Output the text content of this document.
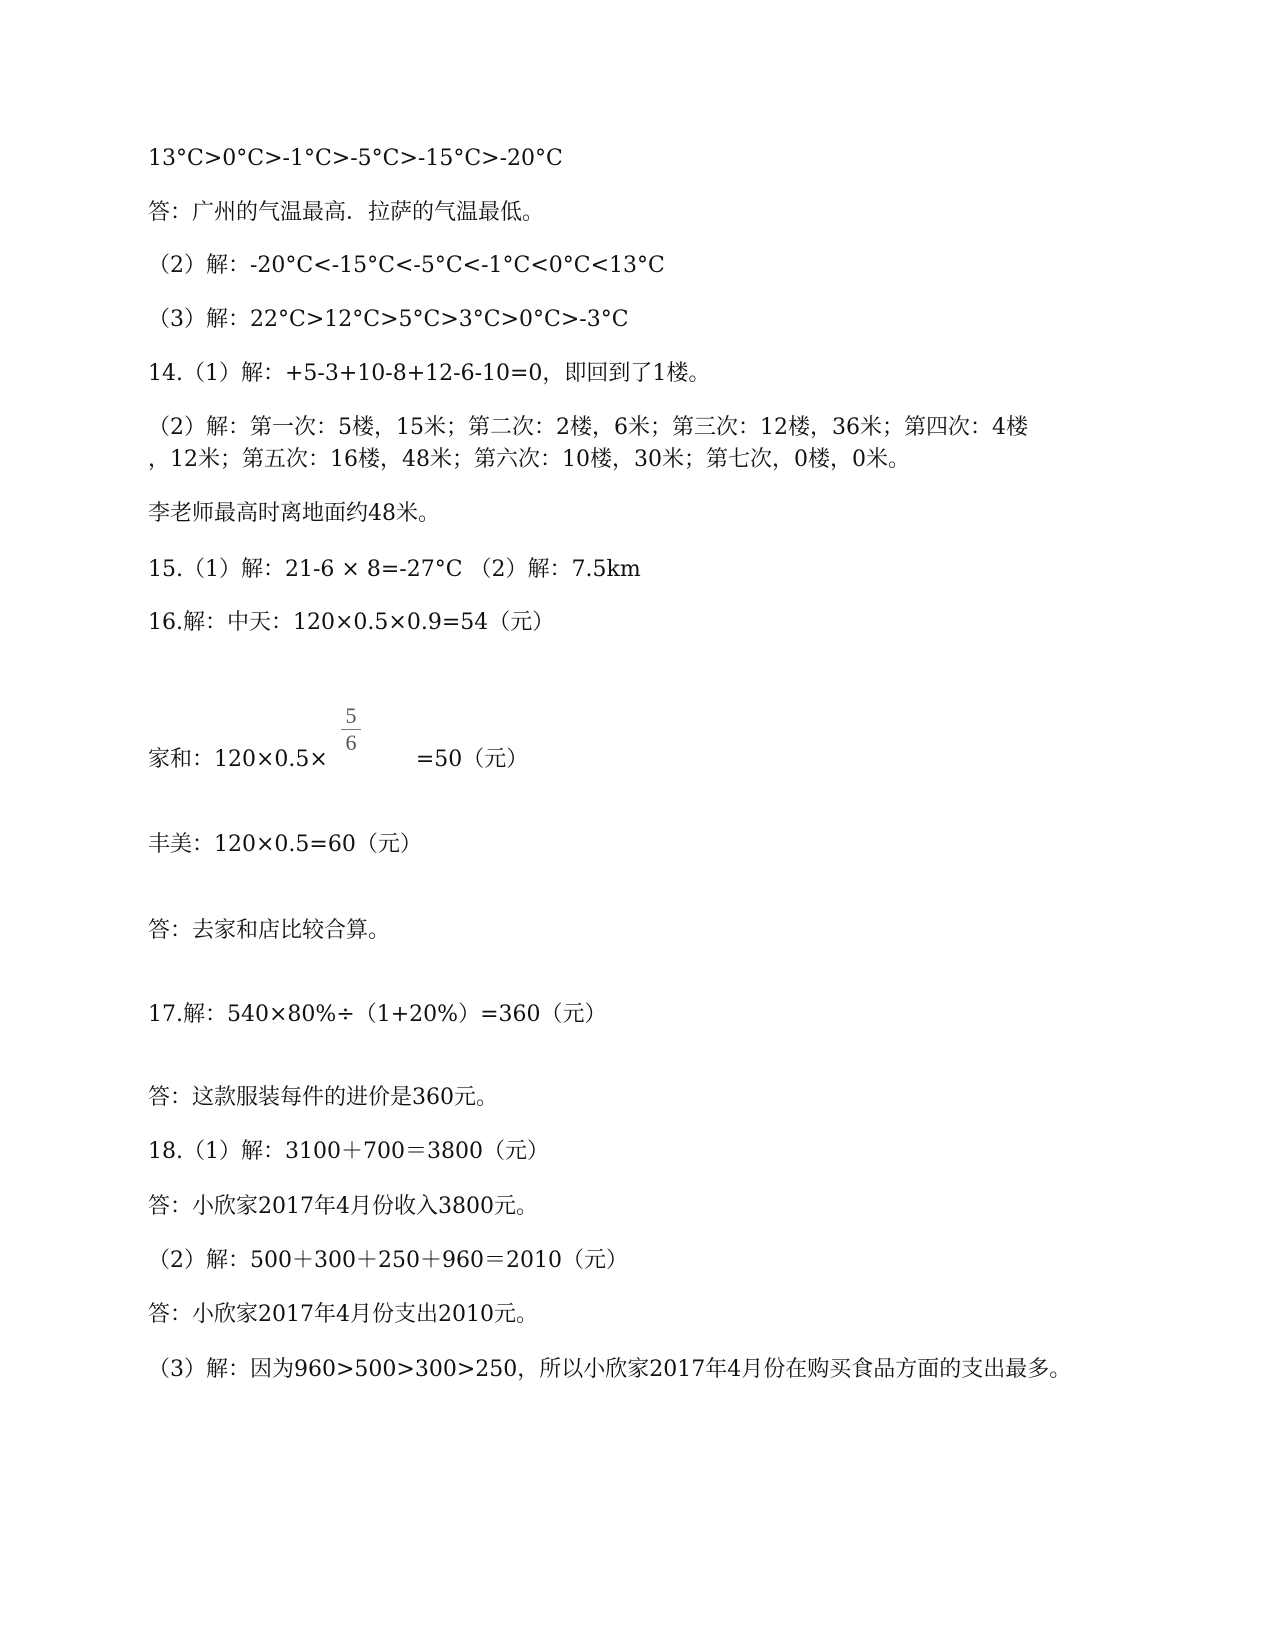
13°C>0°C>-1°C>-5°C>-15°C>-20°C
答：广州的气温最高．拉萨的气温最低。
（2）解：-20°C<-15°C<-5°C<-1°C<0°C<13°C
（3）解：22°C>12°C>5°C>3°C>0°C>-3°C
14.（1）解：+5-3+10-8+12-6-10=0，即回到了1楼。
（2）解：第一次：5楼，15米；第二次：2楼，6米；第三次：12楼，36米；第四次：4楼
，12米；第五次：16楼，48米；第六次：10楼，30米；第七次，0楼，0米。
李老师最高时离地面约48米。
15.（1）解：21-6 × 8=-27°C （2）解：7.5km
16.解：中天：120×0.5×0.9=54（元）
家和：120×0.5×	=50（元）
5
6
丰美：120×0.5=60（元）
答：去家和店比较合算。
17.解：540×80%÷（1+20%）=360（元）
答：这款服装每件的进价是360元。
18.（1）解：3100＋700＝3800（元）
答：小欣家2017年4月份收入3800元。
（2）解：500＋300＋250＋960＝2010（元）
答：小欣家2017年4月份支出2010元。
（3）解：因为960>500>300>250，所以小欣家2017年4月份在购买食品方面的支出最多。
